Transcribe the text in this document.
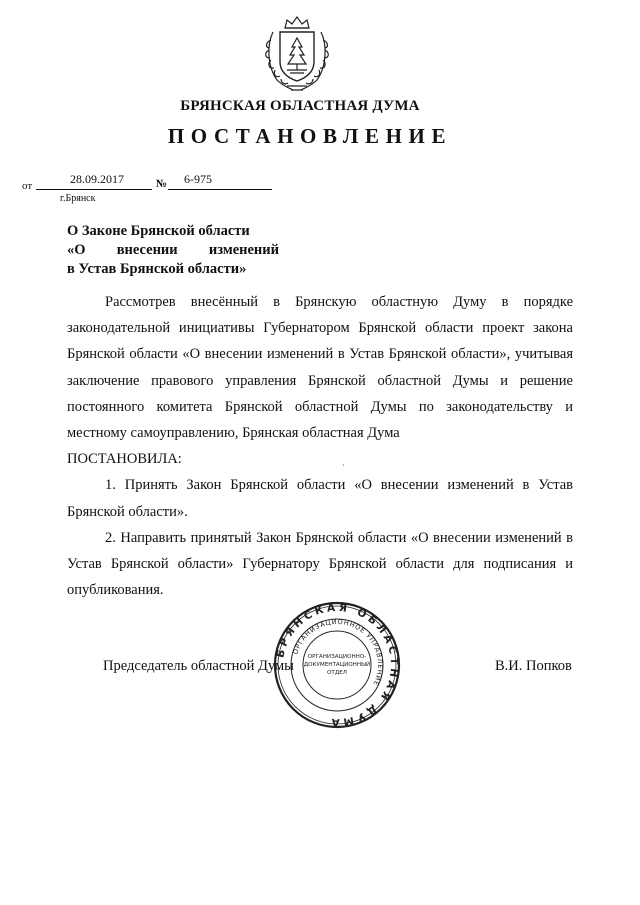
БРЯНСКАЯ ОБЛАСТНАЯ ДУМА
ПОСТАНОВЛЕНИЕ
от	28.09.2017	№ 6-975
г.Брянск
О Законе Брянской области
«О внесении изменений
в Устав Брянской области»

Рассмотрев внесённый в Брянскую областную Думу в порядке законодательной инициативы Губернатором Брянской области проект закона Брянской области «О внесении изменений в Устав Брянской области», учитывая заключение правового управления Брянской областной Думы и решение постоянного комитета Брянской областной Думы по законодательству и местному самоуправлению, Брянская областная Дума

ПОСТАНОВИЛА:

1. Принять Закон Брянской области «О внесении изменений в Устав Брянской области».

2. Направить принятый Закон Брянской области «О внесении изменений в Устав Брянской области» Губернатору Брянской области для подписания и опубликования.

ˏ
Председатель областной Думы	В.И. Попков
БРЯНСКАЯ ОБЛАСТНАЯ ДУМА
ОРГАНИЗАЦИОННОЕ УПРАВЛЕНИЕ
ОРГАНИЗАЦИОННО-
ДОКУМЕНТАЦИОННЫЙ
ОТДЕЛ
